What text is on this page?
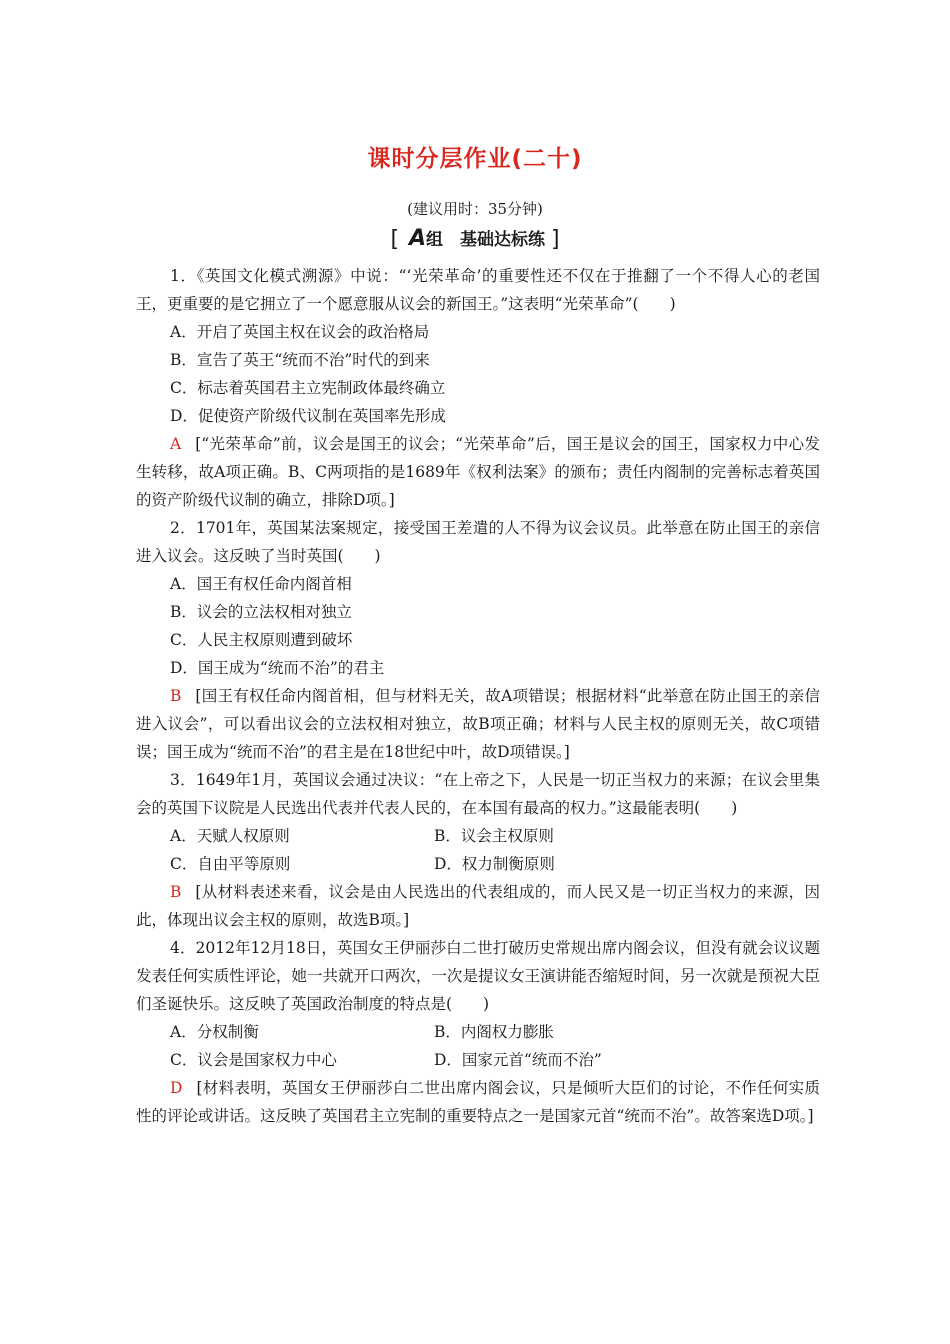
课时分层作业(二十)
(建议用时：35分钟)
[ A组　基础达标练 ]

1．《英国文化模式溯源》中说：“‘光荣革命’的重要性还不仅在于推翻了一个不得人心的老国王，更重要的是它拥立了一个愿意服从议会的新国王。”这表明“光荣革命”(　　)

A．开启了英国主权在议会的政治格局

B．宣告了英王“统而不治”时代的到来

C．标志着英国君主立宪制政体最终确立

D．促使资产阶级代议制在英国率先形成

A [“光荣革命”前，议会是国王的议会；“光荣革命”后，国王是议会的国王，国家权力中心发生转移，故A项正确。B、C两项指的是1689年《权利法案》的颁布；责任内阁制的完善标志着英国的资产阶级代议制的确立，排除D项。]

2．1701年，英国某法案规定，接受国王差遣的人不得为议会议员。此举意在防止国王的亲信进入议会。这反映了当时英国(　　)

A．国王有权任命内阁首相

B．议会的立法权相对独立

C．人民主权原则遭到破坏

D．国王成为“统而不治”的君主

B [国王有权任命内阁首相，但与材料无关，故A项错误；根据材料“此举意在防止国王的亲信进入议会”，可以看出议会的立法权相对独立，故B项正确；材料与人民主权的原则无关，故C项错误；国王成为“统而不治”的君主是在18世纪中叶，故D项错误。]

3．1649年1月，英国议会通过决议：“在上帝之下，人民是一切正当权力的来源；在议会里集会的英国下议院是人民选出代表并代表人民的，在本国有最高的权力。”这最能表明(　　)

A．天赋人权原则	B．议会主权原则
C．自由平等原则	D．权力制衡原则

B [从材料表述来看，议会是由人民选出的代表组成的，而人民又是一切正当权力的来源，因此，体现出议会主权的原则，故选B项。]

4．2012年12月18日，英国女王伊丽莎白二世打破历史常规出席内阁会议，但没有就会议议题发表任何实质性评论，她一共就开口两次，一次是提议女王演讲能否缩短时间，另一次就是预祝大臣们圣诞快乐。这反映了英国政治制度的特点是(　　)

A．分权制衡	B．内阁权力膨胀
C．议会是国家权力中心	D．国家元首“统而不治”

D [材料表明，英国女王伊丽莎白二世出席内阁会议，只是倾听大臣们的讨论，不作任何实质性的评论或讲话。这反映了英国君主立宪制的重要特点之一是国家元首“统而不治”。故答案选D项。]
